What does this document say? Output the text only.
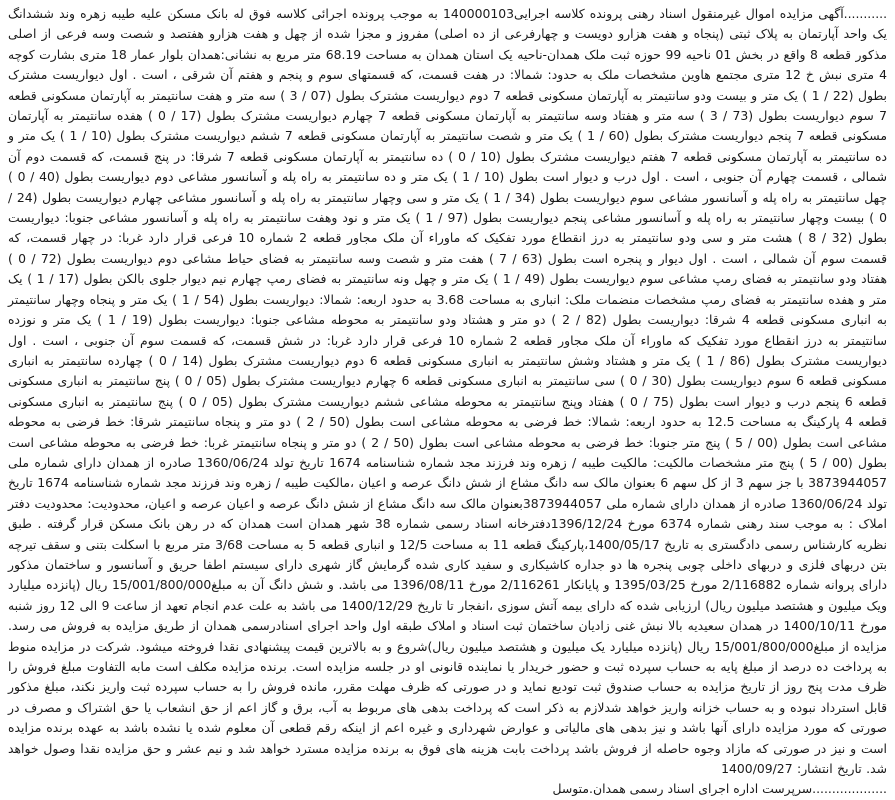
...........آگهی مزایده اموال غیرمنقول اسناد رهنی پرونده کلاسه اجرایی140000103 به موجب پرونده اجرائی کلاسه فوق له بانک مسکن علیه طیبه زهره وند ششدانگ یک واحد آپارتمان به پلاک ثبتی (پنجاه و هفت هزارو دویست و چهارفرعی از ده اصلی) مفروز و مجزا شده از چهل و هفت هزارو هفتصد و شصت وسه فرعی از اصلی مذکور قطعه 8 واقع در بخش 01 ناحیه 99 حوزه ثبت ملک همدان-ناحیه یک استان همدان به مساحت 68.19 متر مربع به نشانی:همدان بلوار عمار 18 متری بشارت کوچه 4 متری نبش خ 12 متری مجتمع هاوین مشخصات ملک به حدود: شمالا: در هفت قسمت، که قسمتهای سوم و پنجم و هفتم آن شرقی ، است . اول دیواریست مشترک بطول (22 / 1 ) یک متر و بیست ودو سانتیمتر به آپارتمان مسکونی قطعه 7 دوم دیواریست مشترک بطول (07 / 3 ) سه متر و هفت سانتیمتر به آپارتمان مسکونی قطعه 7 سوم دیواریست بطول (73 / 3 ) سه متر و هفتاد وسه سانتیمتر به آپارتمان مسکونی قطعه 7 چهارم دیواریست مشترک بطول (17 / 0 ) هفده سانتیمتر به آپارتمان مسکونی قطعه 7 پنجم دیواریست مشترک بطول (60 / 1 ) یک متر و شصت سانتیمتر به آپارتمان مسکونی قطعه 7 ششم دیواریست مشترک بطول (10 / 1 ) یک متر و ده سانتیمتر به آپارتمان مسکونی قطعه 7 هفتم دیواریست مشترک بطول (10 / 0 ) ده سانتیمتر به آپارتمان مسکونی قطعه 7 شرقا: در پنج قسمت، که قسمت دوم آن شمالی ، قسمت چهارم آن جنوبی ، است . اول درب و دیوار است بطول (10 / 1 ) یک متر و ده سانتیمتر به راه پله و آسانسور مشاعی دوم دیواریست بطول (40 / 0 ) چهل سانتیمتر به راه پله و آسانسور مشاعی سوم دیواریست بطول (34 / 1 ) یک متر و سی وچهار سانتیمتر به راه پله و آسانسور مشاعی چهارم دیواریست بطول (24 / 0 ) بیست وچهار سانتیمتر به راه پله و آسانسور مشاعی پنجم دیواریست بطول (97 / 1 ) یک متر و نود وهفت سانتیمتر به راه پله و آسانسور مشاعی جنوبا: دیواریست بطول (32 / 8 ) هشت متر و سی ودو سانتیمتر به درز انقطاع مورد تفکیک که ماوراء آن ملک مجاور قطعه 2 شماره 10 فرعی قرار دارد غربا: در چهار قسمت، که قسمت سوم آن شمالی ، است . اول دیوار و پنجره است بطول (63 / 7 ) هفت متر و شصت وسه سانتیمتر به فضای حیاط مشاعی دوم دیواریست بطول (72 / 0 ) هفتاد ودو سانتیمتر به فضای رمپ مشاعی سوم دیواریست بطول (49 / 1 ) یک متر و چهل ونه سانتیمتر به فضای رمپ چهارم نیم دیوار جلوی بالکن بطول (17 / 1 ) یک متر و هفده سانتیمتر به فضای رمپ مشخصات منضمات ملک: انباری به مساحت 3.68 به حدود اربعه: شمالا: دیواریست بطول (54 / 1 ) یک متر و پنجاه وچهار سانتیمتر به انباری مسکونی قطعه 4 شرقا: دیواریست بطول (82 / 2 ) دو متر و هشتاد ودو سانتیمتر به محوطه مشاعی جنوبا: دیواریست بطول (19 / 1 ) یک متر و نوزده سانتیمتر به درز انقطاع مورد تفکیک که ماوراء آن ملک مجاور قطعه 2 شماره 10 فرعی قرار دارد غربا: در شش قسمت، که قسمت سوم آن جنوبی ، است . اول دیواریست مشترک بطول (86 / 1 ) یک متر و هشتاد وشش سانتیمتر به انباری مسکونی قطعه 6 دوم دیواریست مشترک بطول (14 / 0 ) چهارده سانتیمتر به انباری مسکونی قطعه 6 سوم دیواریست بطول (30 / 0 ) سی سانتیمتر به انباری مسکونی قطعه 6 چهارم دیواریست مشترک بطول (05 / 0 ) پنج سانتیمتر به انباری مسکونی قطعه 6 پنجم درب و دیوار است بطول (75 / 0 ) هفتاد وپنج سانتیمتر به محوطه مشاعی ششم دیواریست مشترک بطول (05 / 0 ) پنج سانتیمتر به انباری مسکونی قطعه 4 پارکینگ به مساحت 12.5 به حدود اربعه: شمالا: خط فرضی به محوطه مشاعی است بطول (50 / 2 ) دو متر و پنجاه سانتیمتر شرقا: خط فرضی به محوطه مشاعی است بطول (00 / 5 ) پنج متر جنوبا: خط فرضی به محوطه مشاعی است بطول (50 / 2 ) دو متر و پنجاه سانتیمتر غربا: خط فرضی به محوطه مشاعی است بطول (00 / 5 ) پنج متر مشخصات مالکیت: مالکیت طیبه / زهره وند فرزند مجد شماره شناسنامه 1674 تاریخ تولد 1360/06/24 صادره از همدان دارای شماره ملی 3873944057 با جز سهم 3 از کل سهم 6 بعنوان مالک سه دانگ مشاع از شش دانگ عرصه و اعیان ،مالکیت طیبه / زهره وند فرزند مجد شماره شناسنامه 1674 تاریخ تولد 1360/06/24 صادره از همدان دارای شماره ملی 3873944057بعنوان مالک سه دانگ مشاع از شش دانگ عرصه و اعیان عرصه و اعیان، محدودیت: محدودیت دفتر املاک : به موجب سند رهنی شماره 6374 مورخ 1396/12/24دفترخانه اسناد رسمی شماره 38 شهر همدان است همدان که در رهن بانک مسکن قرار گرفته . طبق نظریه کارشناس رسمی دادگستری به تاریخ 1400/05/17،پارکینگ قطعه 11 به مساحت 12/5 و انباری قطعه 5 به مساحت 3/68 متر مربع با اسکلت بتنی و سقف تیرچه بتن دربهای فلزی و دربهای داخلی چوبی پنجره ها دو جداره کاشیکاری و سفید کاری شده گرمایش گاز شهری دارای سیستم اطفا حریق و آسانسور و ساختمان مذکور دارای پروانه شماره 2/116882 مورخ 1395/03/25 و پایانکار 2/116261 مورخ 1396/08/11 می باشد. و شش دانگ آن به مبلغ15/001/800/000 ریال (پانزده میلیارد ویک میلیون و هشتصد میلیون ریال) ارزیابی شده که دارای بیمه آتش سوزی ،انفجار تا تاریخ 1400/12/29 می باشد به علت عدم انجام تعهد از ساعت 9 الی 12 روز شنبه مورخ 1400/10/11 در همدان سعیدیه بالا نبش غنی زادیان ساختمان ثبت اسناد و املاک طبقه اول واحد اجرای اسنادرسمی همدان از طریق مزایده به فروش می رسد. مزایده از مبلغ15/001/800/000 ریال (پانزده میلیارد یک میلیون و هشتصد میلیون ریال)شروع و به بالاترین قیمت پیشنهادی نقدا فروخته میشود. شرکت در مزایده منوط به پرداخت ده درصد از مبلغ پایه به حساب سپرده ثبت و حضور خریدار یا نماینده قانونی او در جلسه مزایده است. برنده مزایده مکلف است مابه التفاوت مبلغ فروش را ظرف مدت پنج روز از تاریخ مزایده به حساب صندوق ثبت تودیع نماید و در صورتی که ظرف مهلت مقرر، مانده فروش را به حساب سپرده ثبت واریز نکند، مبلغ مذکور قابل استرداد نبوده و به حساب خزانه واریز خواهد شدلازم به ذکر است که پرداخت بدهی های مربوط به آب، برق و گاز اعم از حق انشعاب یا حق اشتراک و مصرف در صورتی که مورد مزایده دارای آنها باشد و نیز بدهی های مالیاتی و عوارض شهرداری و غیره اعم از اینکه رقم قطعی آن معلوم شده یا نشده باشد به عهده برنده مزایده است و نیز در صورتی که مازاد وجوه حاصله از فروش باشد پرداخت بابت هزینه های فوق به برنده مزایده مسترد خواهد شد و نیم عشر و حق مزایده نقدا وصول خواهد شد. تاریخ انتشار: 1400/09/27

...................سرپرست اداره اجرای اسناد رسمی همدان.متوسل
